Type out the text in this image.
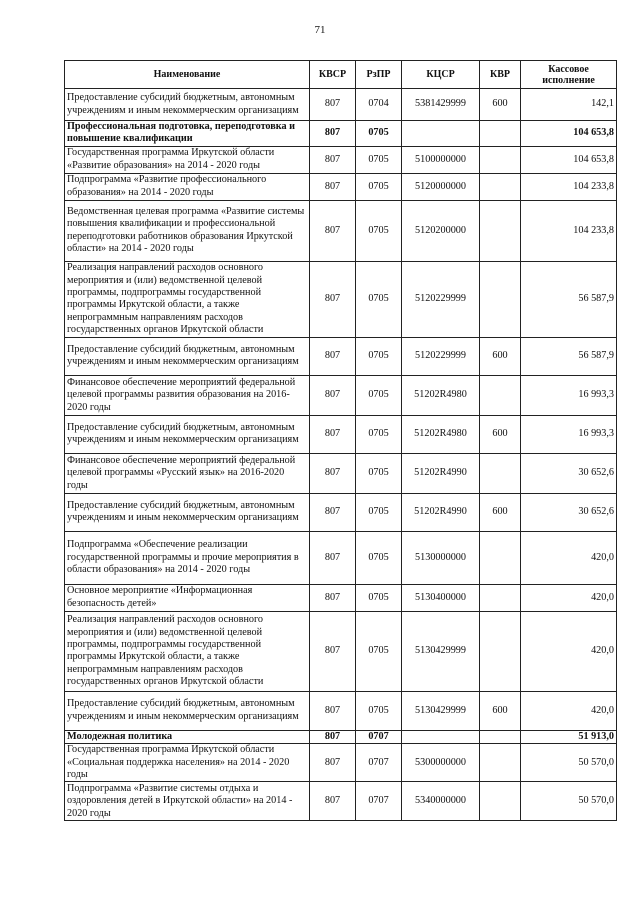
71
Наименование	КВСР	РзПР	КЦСР	КВР	Кассовое исполнение
Предоставление субсидий бюджетным, автономным учреждениям и иным некоммерческим организациям	807	0704	5381429999	600	142,1
Профессиональная подготовка, переподготовка и повышение квалификации	807	0705			104 653,8
Государственная программа Иркутской области «Развитие образования» на 2014 - 2020 годы	807	0705	5100000000		104 653,8
Подпрограмма «Развитие профессионального образования» на 2014 - 2020 годы	807	0705	5120000000		104 233,8
Ведомственная целевая программа «Развитие системы повышения квалификации и профессиональной переподготовки работников образования Иркутской области» на 2014 - 2020 годы	807	0705	5120200000		104 233,8
Реализация направлений расходов основного мероприятия и (или) ведомственной целевой программы, подпрограммы государственной программы Иркутской области, а также непрограммным направлениям расходов государственных органов Иркутской области	807	0705	5120229999		56 587,9
Предоставление субсидий бюджетным, автономным учреждениям и иным некоммерческим организациям	807	0705	5120229999	600	56 587,9
Финансовое обеспечение мероприятий федеральной целевой программы развития образования на 2016-2020 годы	807	0705	51202R4980		16 993,3
Предоставление субсидий бюджетным, автономным учреждениям и иным некоммерческим организациям	807	0705	51202R4980	600	16 993,3
Финансовое обеспечение мероприятий федеральной целевой программы «Русский язык» на 2016-2020 годы	807	0705	51202R4990		30 652,6
Предоставление субсидий бюджетным, автономным учреждениям и иным некоммерческим организациям	807	0705	51202R4990	600	30 652,6
Подпрограмма «Обеспечение реализации государственной программы и прочие мероприятия в области образования» на 2014 - 2020 годы	807	0705	5130000000		420,0
Основное мероприятие «Информационная безопасность детей»	807	0705	5130400000		420,0
Реализация направлений расходов основного мероприятия и (или) ведомственной целевой программы, подпрограммы государственной программы Иркутской области, а также непрограммным направлениям расходов государственных органов Иркутской области	807	0705	5130429999		420,0
Предоставление субсидий бюджетным, автономным учреждениям и иным некоммерческим организациям	807	0705	5130429999	600	420,0
Молодежная политика	807	0707			51 913,0
Государственная программа Иркутской области «Социальная поддержка населения» на 2014 - 2020 годы	807	0707	5300000000		50 570,0
Подпрограмма «Развитие системы отдыха и оздоровления детей в Иркутской области» на 2014 - 2020 годы	807	0707	5340000000		50 570,0
